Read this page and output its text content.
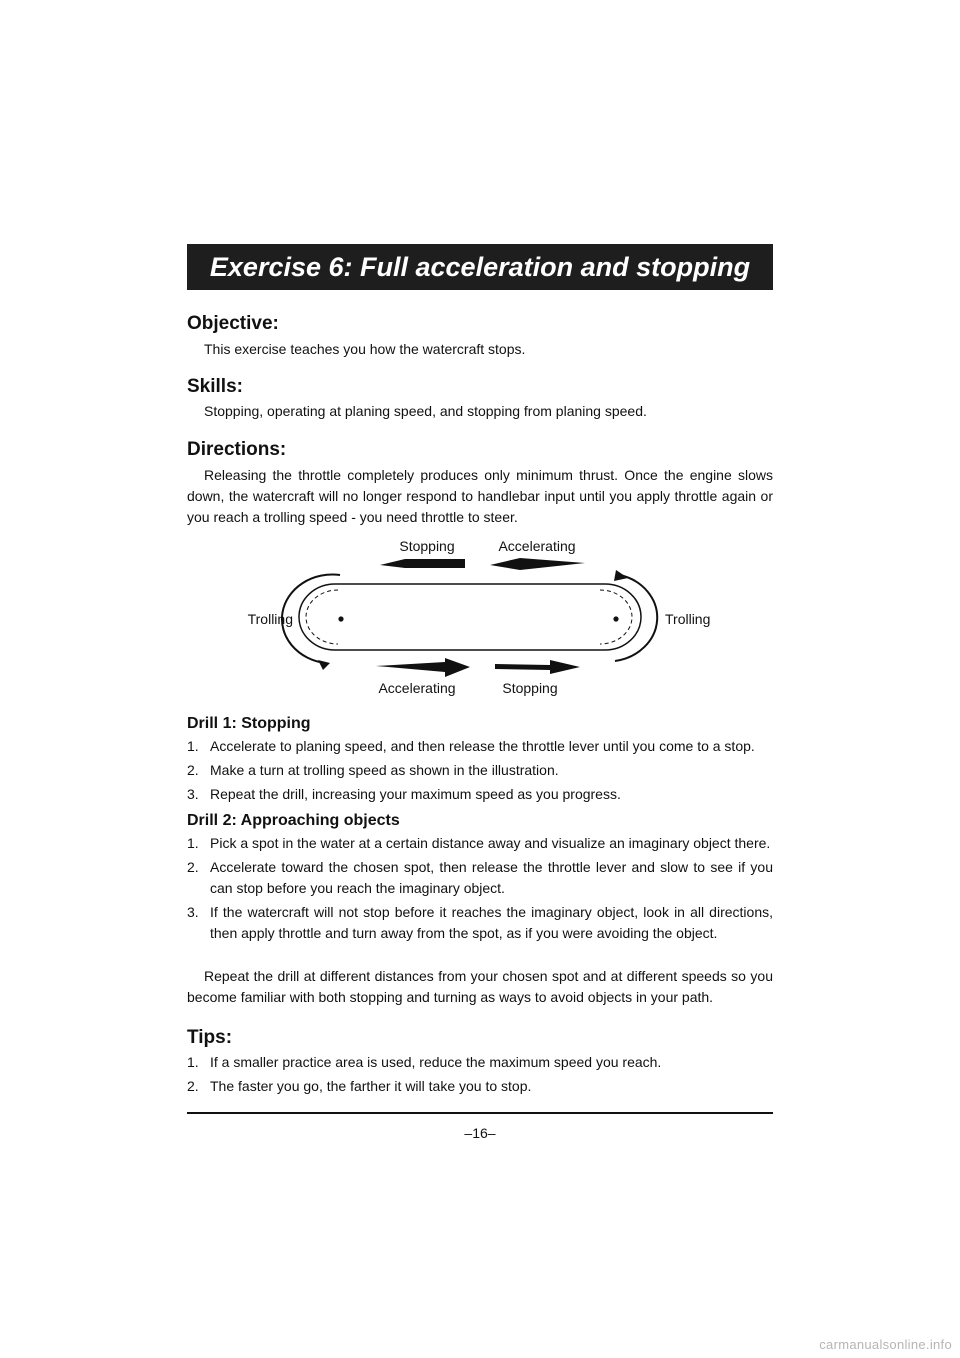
Exercise 6: Full acceleration and stopping
Objective:

This exercise teaches you how the watercraft stops.

Skills:

Stopping, operating at planing speed, and stopping from planing speed.

Directions:

Releasing the throttle completely produces only minimum thrust. Once the engine slows down, the watercraft will no longer respond to handlebar input until you apply throttle again or you reach a trolling speed - you need throttle to steer.

Stopping	Accelerating
Trolling	Trolling
Accelerating	Stopping
Drill 1: Stopping
1. Accelerate to planing speed, and then release the throttle lever until you come to a stop.
2. Make a turn at trolling speed as shown in the illustration.
3. Repeat the drill, increasing your maximum speed as you progress.
Drill 2: Approaching objects
1. Pick a spot in the water at a certain distance away and visualize an imaginary object there.
2. Accelerate toward the chosen spot, then release the throttle lever and slow to see if you can stop before you reach the imaginary object.
3. If the watercraft will not stop before it reaches the imaginary object, look in all directions, then apply throttle and turn away from the spot, as if you were avoiding the object.

Repeat the drill at different distances from your chosen spot and at different speeds so you become familiar with both stopping and turning as ways to avoid objects in your path.

Tips:
1. If a smaller practice area is used, reduce the maximum speed you reach.
2. The faster you go, the farther it will take you to stop.
–16–
carmanualsonline.info
